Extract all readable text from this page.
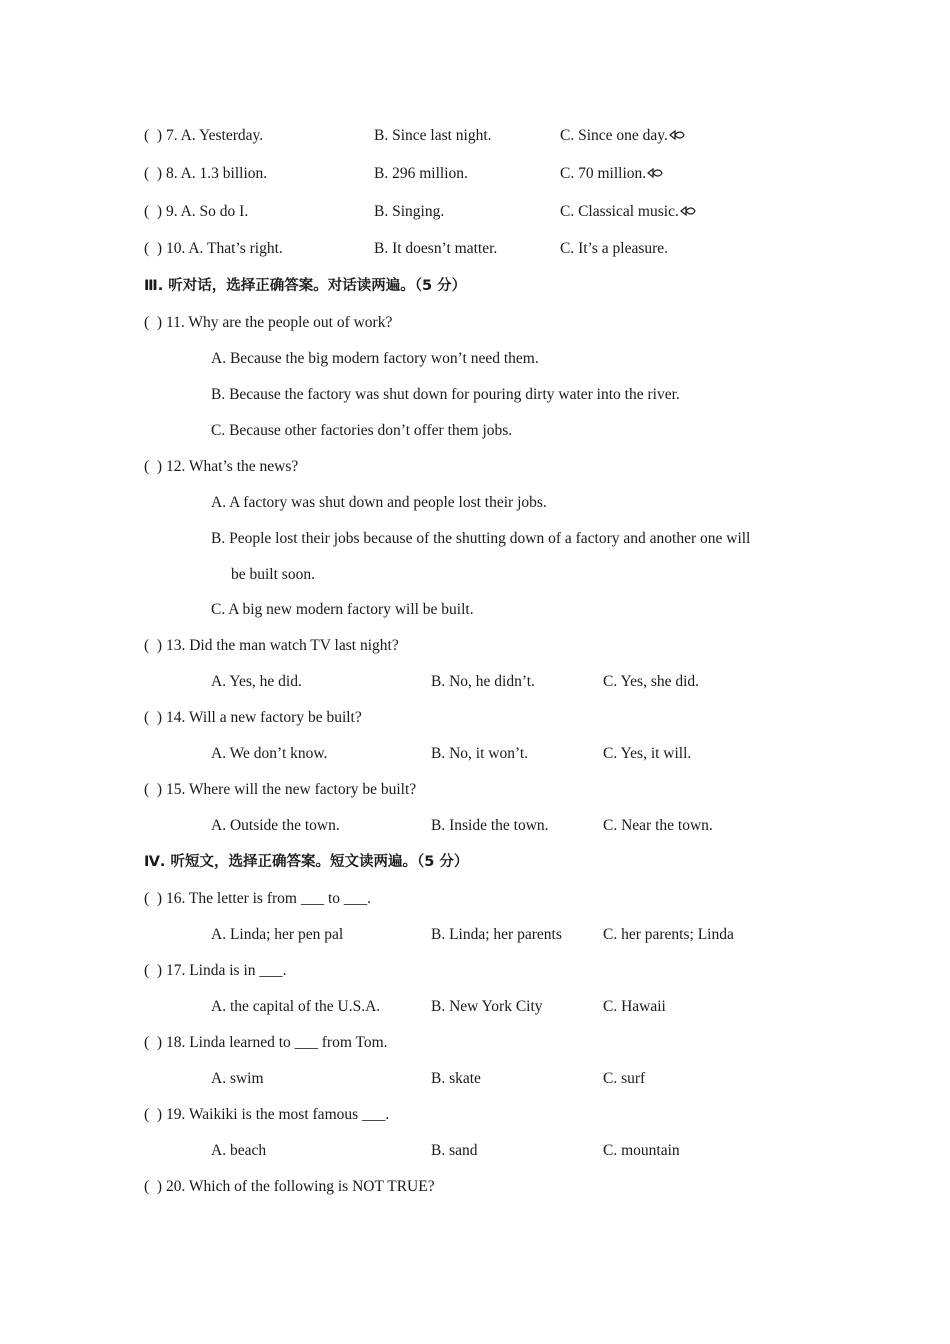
(  ) 7. A. Yesterday.	B. Since last night.	C. Since one day.
(  ) 8. A. 1.3 billion.	B. 296 million.	C. 70 million.
(  ) 9. A. So do I.	B. Singing.	C. Classical music.
(  ) 10. A. That’s right.	B. It doesn’t matter.	C. It’s a pleasure.
Ⅲ. 听对话，选择正确答案。对话读两遍。（5 分）
(  ) 11. Why are the people out of work?
A. Because the big modern factory won’t need them.
B. Because the factory was shut down for pouring dirty water into the river.
C. Because other factories don’t offer them jobs.
(  ) 12. What’s the news?
A. A factory was shut down and people lost their jobs.
B. People lost their jobs because of the shutting down of a factory and another one will
be built soon.
C. A big new modern factory will be built.
(  ) 13. Did the man watch TV last night?
A. Yes, he did.	B. No, he didn’t.	C. Yes, she did.
(  ) 14. Will a new factory be built?
A. We don’t know.	B. No, it won’t.	C. Yes, it will.
(  ) 15. Where will the new factory be built?
A. Outside the town.	B. Inside the town.	C. Near the town.
Ⅳ. 听短文，选择正确答案。短文读两遍。（5 分）
(  ) 16. The letter is from ___ to ___.
A. Linda; her pen pal	B. Linda; her parents	C. her parents; Linda
(  ) 17. Linda is in ___.
A. the capital of the U.S.A.	B. New York City	C. Hawaii
(  ) 18. Linda learned to ___ from Tom.
A. swim	B. skate	C. surf
(  ) 19. Waikiki is the most famous ___.
A. beach	B. sand	C. mountain
(  ) 20. Which of the following is NOT TRUE?
